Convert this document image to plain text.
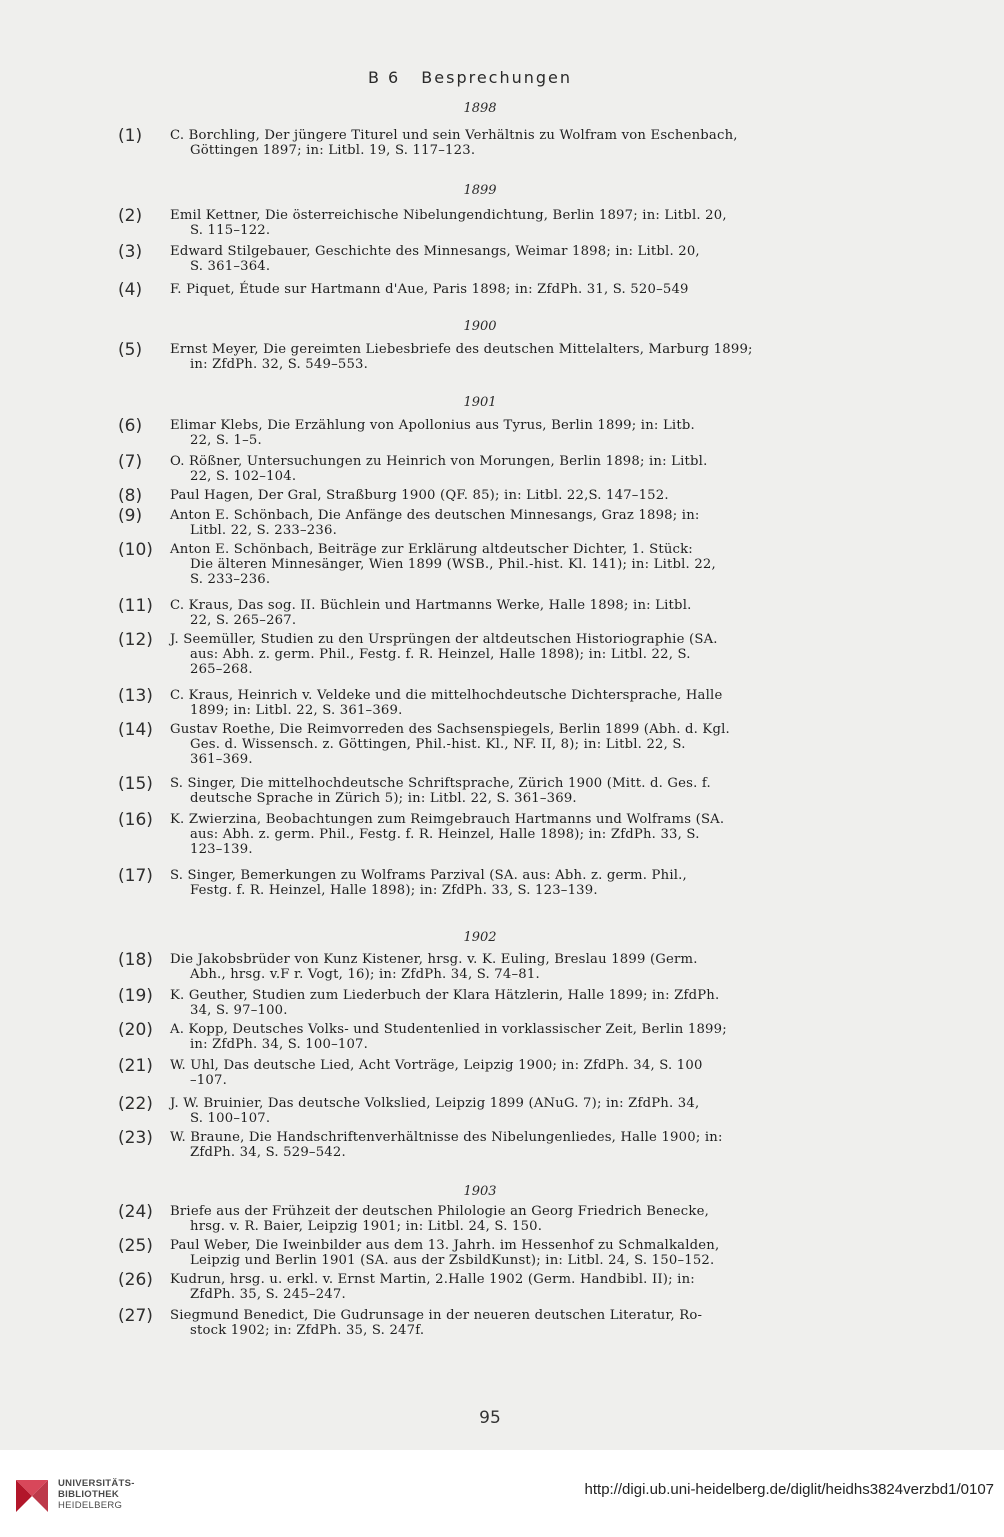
B 6 Besprechungen
1898
(1) C. Borchling, Der jüngere Titurel und sein Verhältnis zu Wolfram von Eschenbach,
Göttingen 1897; in: Litbl. 19, S. 117–123.
1899
(2) Emil Kettner, Die österreichische Nibelungendichtung, Berlin 1897; in: Litbl. 20,
S. 115–122.
(3) Edward Stilgebauer, Geschichte des Minnesangs, Weimar 1898; in: Litbl. 20,
S. 361–364.
(4) F. Piquet, Étude sur Hartmann d'Aue, Paris 1898; in: ZfdPh. 31, S. 520–549
1900
(5) Ernst Meyer, Die gereimten Liebesbriefe des deutschen Mittelalters, Marburg 1899;
in: ZfdPh. 32, S. 549–553.
1901
(6) Elimar Klebs, Die Erzählung von Apollonius aus Tyrus, Berlin 1899; in: Litb.
22, S. 1–5.
(7) O. Rößner, Untersuchungen zu Heinrich von Morungen, Berlin 1898; in: Litbl.
22, S. 102–104.
(8) Paul Hagen, Der Gral, Straßburg 1900 (QF. 85); in: Litbl. 22,S. 147–152.
(9) Anton E. Schönbach, Die Anfänge des deutschen Minnesangs, Graz 1898; in:
Litbl. 22, S. 233–236.
(10) Anton E. Schönbach, Beiträge zur Erklärung altdeutscher Dichter, 1. Stück:
Die älteren Minnesänger, Wien 1899 (WSB., Phil.-hist. Kl. 141); in: Litbl. 22,
S. 233–236.
(11) C. Kraus, Das sog. II. Büchlein und Hartmanns Werke, Halle 1898; in: Litbl.
22, S. 265–267.
(12) J. Seemüller, Studien zu den Ursprüngen der altdeutschen Historiographie (SA.
aus: Abh. z. germ. Phil., Festg. f. R. Heinzel, Halle 1898); in: Litbl. 22, S.
265–268.
(13) C. Kraus, Heinrich v. Veldeke und die mittelhochdeutsche Dichtersprache, Halle
1899; in: Litbl. 22, S. 361–369.
(14) Gustav Roethe, Die Reimvorreden des Sachsenspiegels, Berlin 1899 (Abh. d. Kgl.
Ges. d. Wissensch. z. Göttingen, Phil.-hist. Kl., NF. II, 8); in: Litbl. 22, S.
361–369.
(15) S. Singer, Die mittelhochdeutsche Schriftsprache, Zürich 1900 (Mitt. d. Ges. f.
deutsche Sprache in Zürich 5); in: Litbl. 22, S. 361–369.
(16) K. Zwierzina, Beobachtungen zum Reimgebrauch Hartmanns und Wolframs (SA.
aus: Abh. z. germ. Phil., Festg. f. R. Heinzel, Halle 1898); in: ZfdPh. 33, S.
123–139.
(17) S. Singer, Bemerkungen zu Wolframs Parzival (SA. aus: Abh. z. germ. Phil.,
Festg. f. R. Heinzel, Halle 1898); in: ZfdPh. 33, S. 123–139.
1902
(18) Die Jakobsbrüder von Kunz Kistener, hrsg. v. K. Euling, Breslau 1899 (Germ.
Abh., hrsg. v.F r. Vogt, 16); in: ZfdPh. 34, S. 74–81.
(19) K. Geuther, Studien zum Liederbuch der Klara Hätzlerin, Halle 1899; in: ZfdPh.
34, S. 97–100.
(20) A. Kopp, Deutsches Volks- und Studentenlied in vorklassischer Zeit, Berlin 1899;
in: ZfdPh. 34, S. 100–107.
(21) W. Uhl, Das deutsche Lied, Acht Vorträge, Leipzig 1900; in: ZfdPh. 34, S. 100
–107.
(22) J. W. Bruinier, Das deutsche Volkslied, Leipzig 1899 (ANuG. 7); in: ZfdPh. 34,
S. 100–107.
(23) W. Braune, Die Handschriftenverhältnisse des Nibelungenliedes, Halle 1900; in:
ZfdPh. 34, S. 529–542.
1903
(24) Briefe aus der Frühzeit der deutschen Philologie an Georg Friedrich Benecke,
hrsg. v. R. Baier, Leipzig 1901; in: Litbl. 24, S. 150.
(25) Paul Weber, Die Iweinbilder aus dem 13. Jahrh. im Hessenhof zu Schmalkalden,
Leipzig und Berlin 1901 (SA. aus der ZsbildKunst); in: Litbl. 24, S. 150–152.
(26) Kudrun, hrsg. u. erkl. v. Ernst Martin, 2.Halle 1902 (Germ. Handbibl. II); in:
ZfdPh. 35, S. 245–247.
(27) Siegmund Benedict, Die Gudrunsage in der neueren deutschen Literatur, Ro-
stock 1902; in: ZfdPh. 35, S. 247f.
95
UNIVERSITÄTS-
BIBLIOTHEK
HEIDELBERG
http://digi.ub.uni-heidelberg.de/diglit/heidhs3824verzbd1/0107
